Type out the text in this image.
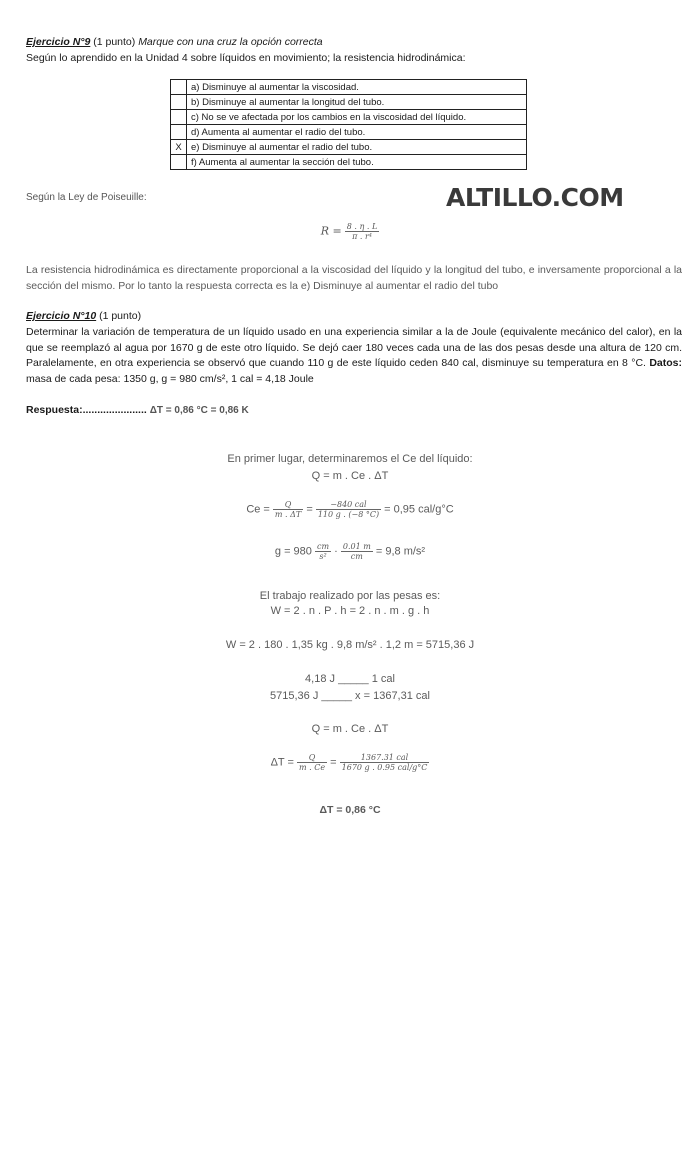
Ejercicio N°9 (1 punto) Marque con una cruz la opción correcta
Según lo aprendido en la Unidad 4 sobre líquidos en movimiento; la resistencia hidrodinámica:
	a) Disminuye al aumentar la viscosidad.
	b) Disminuye al aumentar la longitud del tubo.
	c) No se ve afectada por los cambios en la viscosidad del líquido.
	d) Aumenta al aumentar el radio del tubo.
X	e) Disminuye al aumentar el radio del tubo.
	f) Aumenta al aumentar la sección del tubo.
Según la Ley de Poiseuille:	ALTILLO.COM
$R = \frac{8 . \eta . L}{\text{π . r⁴}}$
La resistencia hidrodinámica es directamente proporcional a la viscosidad del líquido y la longitud del tubo, e inversamente proporcional a la sección del mismo. Por lo tanto la respuesta correcta es la e) Disminuye al aumentar el radio del tubo
Ejercicio N°10 (1 punto)
Determinar la variación de temperatura de un líquido usado en una experiencia similar a la de Joule (equivalente mecánico del calor), en la que se reemplazó al agua por 1670 g de este otro líquido. Se dejó caer 180 veces cada una de las dos pesas desde una altura de 120 cm. Paralelamente, en otra experiencia se observó que cuando 110 g de este líquido ceden 840 cal, disminuye su temperatura en 8 °C. Datos: masa de cada pesa: 1350 g, g = 980 cm/s², 1 cal = 4,18 Joule
Respuesta:...................... ΔT = 0,86 °C = 0,86 K
En primer lugar, determinaremos el Ce del líquido:
Q = m . Ce . ΔT
$Ce = \frac{Q}{m . \Delta T} = \frac{\text{−840 cal}}{110 g . (-8 ^\circ C)} = 0,95$ cal/g°C
$g = 980 \frac{cm}{\text{s²}} \cdot \frac{0.01 m}{cm} = 9,8$ m/s²
El trabajo realizado por las pesas es:
W = 2 . n . P . h = 2 . n . m . g . h
W = 2 . 180 . 1,35 kg . 9,8 m/s² . 1,2 m = 5715,36 J
4,18 J _____ 1 cal
5715,36 J _____ x = 1367,31 cal
Q = m . Ce . ΔT
$\Delta T = \frac{Q}{m . Ce} = \frac{\text{1367.31 cal}}{\text{1670 g . 0.95 cal/g°C}}$
ΔT = 0,86 °C
